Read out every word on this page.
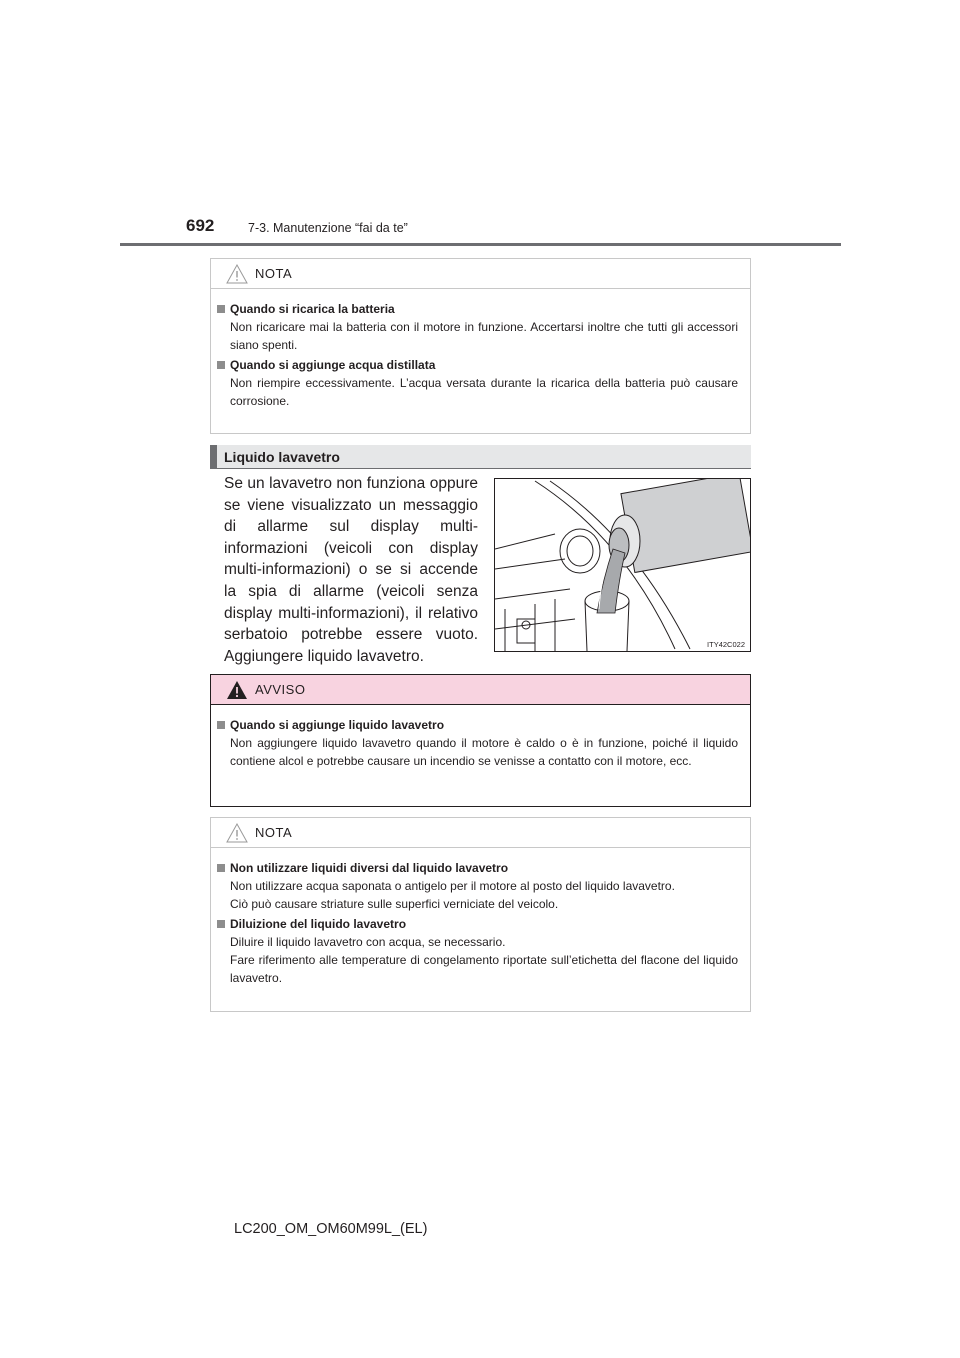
692	7-3. Manutenzione “fai da te”
NOTA
Quando si ricarica la batteria
Non ricaricare mai la batteria con il motore in funzione. Accertarsi inoltre che tutti gli accessori siano spenti.
Quando si aggiunge acqua distillata
Non riempire eccessivamente. L’acqua versata durante la ricarica della batteria può causare corrosione.
Liquido lavavetro
Se un lavavetro non funziona oppure se viene visualizzato un messaggio di allarme sul display multi-informazioni (veicoli con display multi-informazioni) o se si accende la spia di allarme (veicoli senza display multi-informazioni), il relativo serbatoio potrebbe essere vuoto. Aggiungere liquido lavavetro.
ITY42C022
AVVISO
Quando si aggiunge liquido lavavetro
Non aggiungere liquido lavavetro quando il motore è caldo o è in funzione, poiché il liquido contiene alcol e potrebbe causare un incendio se venisse a contatto con il motore, ecc.
NOTA
Non utilizzare liquidi diversi dal liquido lavavetro
Non utilizzare acqua saponata o antigelo per il motore al posto del liquido lavavetro.
Ciò può causare striature sulle superfici verniciate del veicolo.
Diluizione del liquido lavavetro
Diluire il liquido lavavetro con acqua, se necessario.
Fare riferimento alle temperature di congelamento riportate sull’etichetta del flacone del liquido lavavetro.
LC200_OM_OM60M99L_(EL)
